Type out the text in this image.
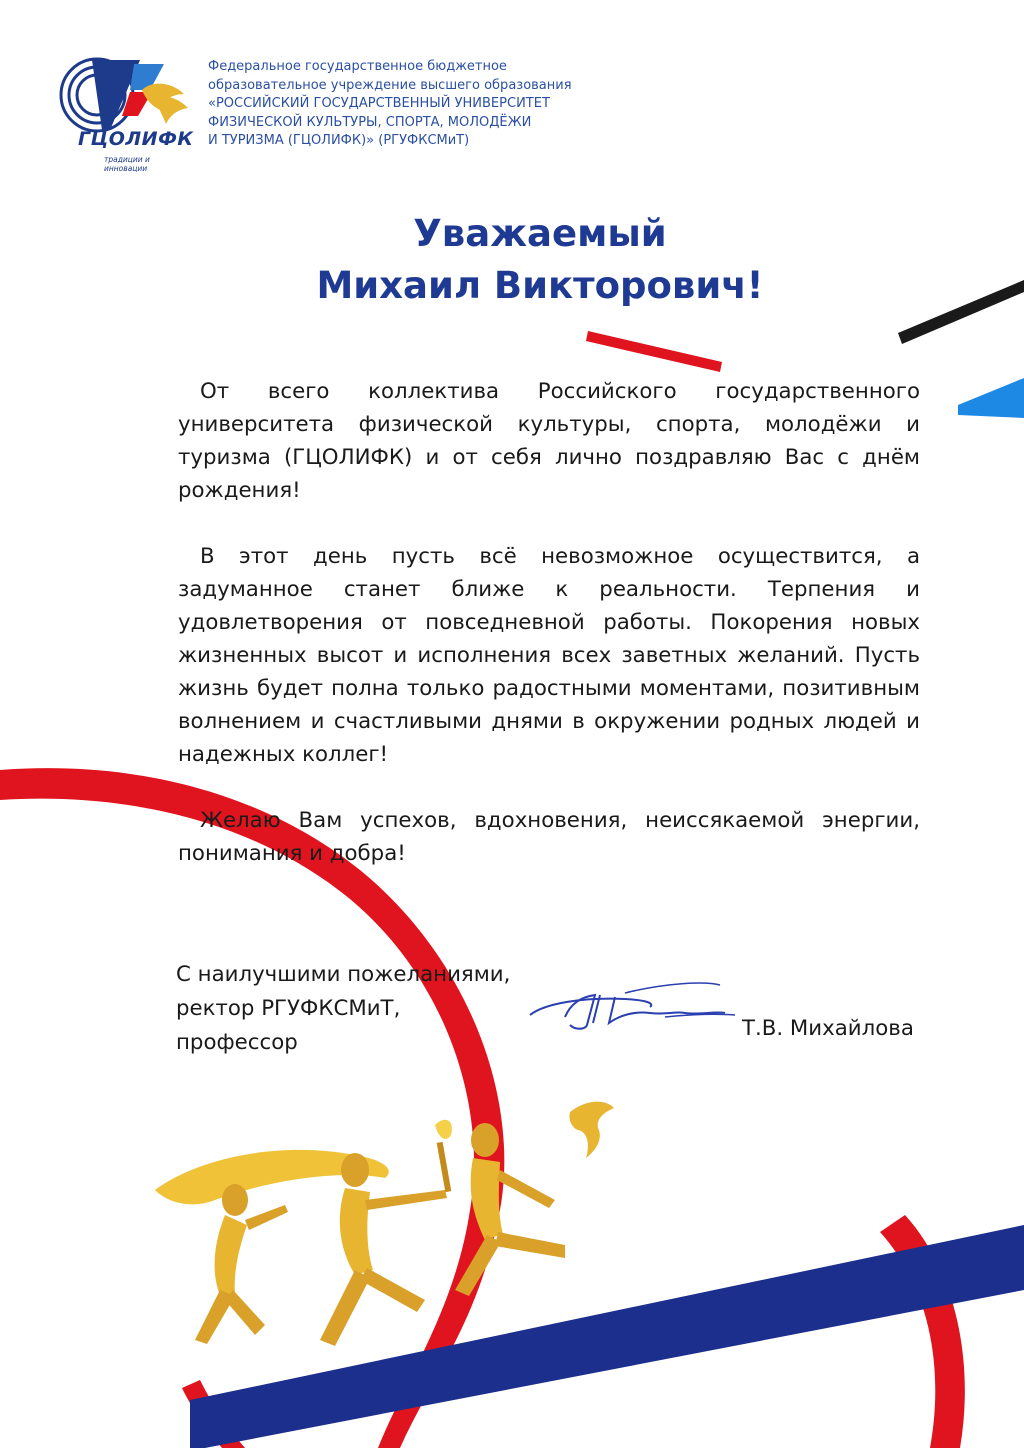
ГЦОЛИФК
традиции и инновации
Федеральное государственное бюджетное
образовательное учреждение высшего образования
«РОССИЙСКИЙ ГОСУДАРСТВЕННЫЙ УНИВЕРСИТЕТ
ФИЗИЧЕСКОЙ КУЛЬТУРЫ, СПОРТА, МОЛОДЁЖИ
И ТУРИЗМА (ГЦОЛИФК)» (РГУФКСМиТ)
Уважаемый
Михаил Викторович!

От всего коллектива Российского государственного университета физической культуры, спорта, молодёжи и туризма (ГЦОЛИФК) и от себя лично поздравляю Вас с днём рождения!

В этот день пусть всё невозможное осуществится, а задуманное станет ближе к реальности. Терпения и удовлетворения от повседневной работы. Покорения новых жизненных высот и исполнения всех заветных желаний. Пусть жизнь будет полна только радостными моментами, позитивным волнением и счастливыми днями в окружении родных людей и надежных коллег!

Желаю Вам успехов, вдохновения, неиссякаемой энергии, понимания и добра!

С наилучшими пожеланиями,
ректор РГУФКСМиТ,
профессор
Т.В. Михайлова
